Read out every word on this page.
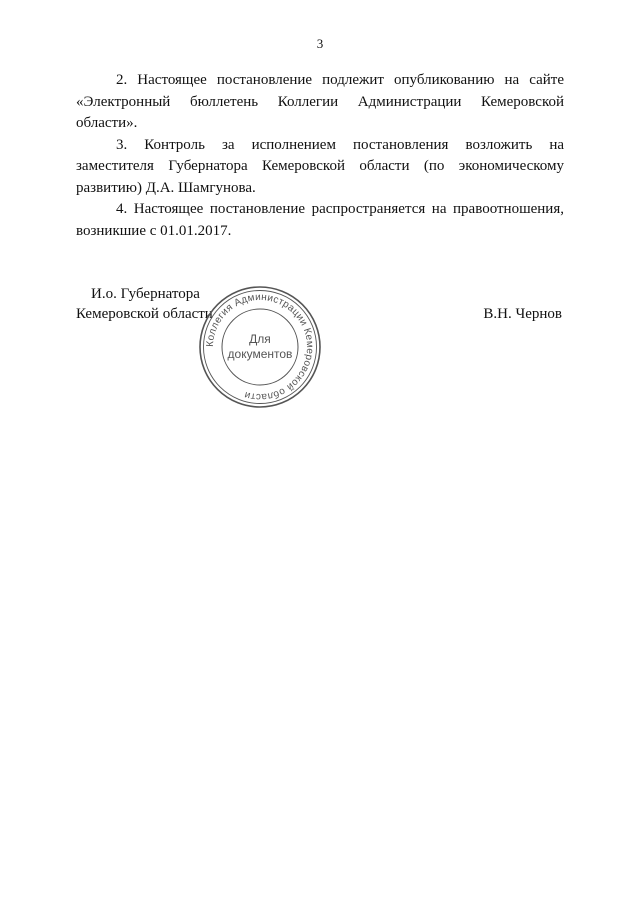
3

2. Настоящее постановление подлежит опубликованию на сайте «Электронный бюллетень Коллегии Администрации Кемеровской области».

3. Контроль за исполнением постановления возложить на заместителя Губернатора Кемеровской области (по экономическому развитию) Д.А. Шамгунова.

4. Настоящее постановление распространяется на правоотношения, возникшие с 01.01.2017.

И.о. Губернатора
Кемеровской области	В.Н. Чернов
Коллегия Администрации Кемеровской области
Для
документов
